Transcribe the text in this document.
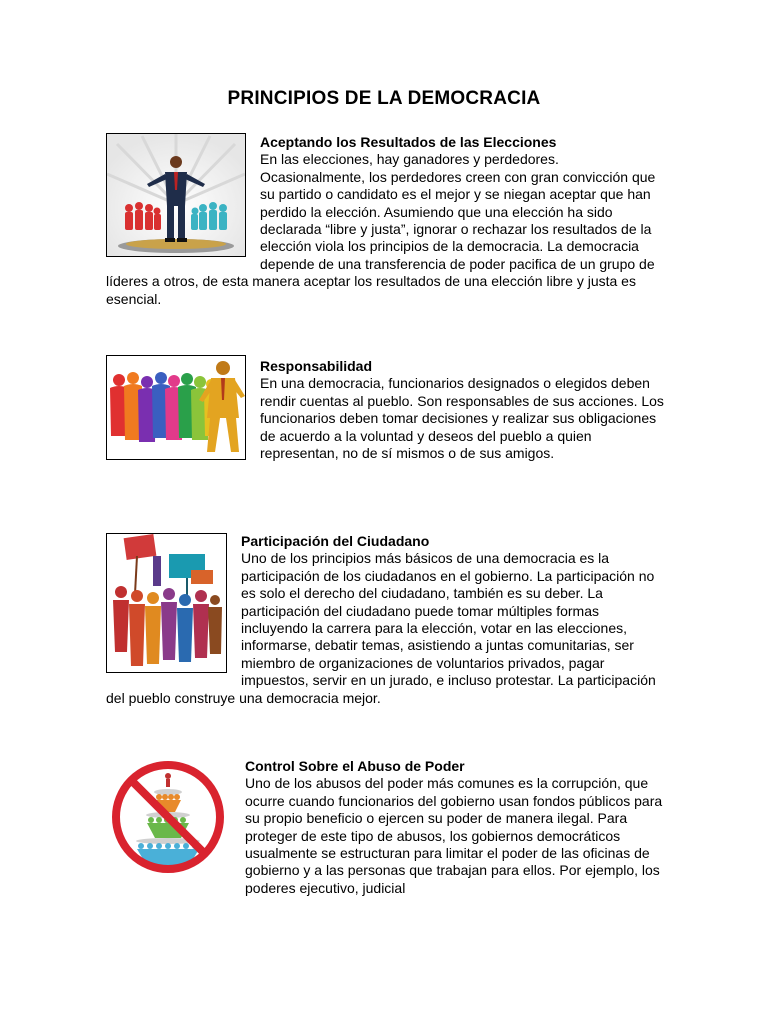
PRINCIPIOS DE LA DEMOCRACIA
Aceptando los Resultados de las Elecciones

En las elecciones, hay ganadores y perdedores. Ocasionalmente, los perdedores creen con gran convicción que su partido o candidato es el mejor y se niegan aceptar que han perdido la elección. Asumiendo que una elección ha sido declarada “libre y justa”, ignorar o rechazar los resultados de la elección viola los principios de la democracia. La democracia depende de una transferencia de poder pacifica de un grupo de líderes a otros, de esta manera aceptar los resultados de una elección libre y justa es esencial.

Responsabilidad

En una democracia, funcionarios designados o elegidos deben rendir cuentas al pueblo. Son responsables de sus acciones. Los funcionarios deben tomar decisiones y realizar sus obligaciones de acuerdo a la voluntad y deseos del pueblo a quien representan, no de sí mismos o de sus amigos.

Participación del Ciudadano

Uno de los principios más básicos de una democracia es la participación de los ciudadanos en el gobierno. La participación no es solo el derecho del ciudadano, también es su deber. La participación del ciudadano puede tomar múltiples formas incluyendo la carrera para la elección, votar en las elecciones, informarse, debatir temas, asistiendo a juntas comunitarias, ser miembro de organizaciones de voluntarios privados, pagar impuestos, servir en un jurado, e incluso protestar. La participación del pueblo construye una democracia mejor.

Control Sobre el Abuso de Poder

Uno de los abusos del poder más comunes es la corrupción, que ocurre cuando funcionarios del gobierno usan fondos públicos para su propio beneficio o ejercen su poder de manera ilegal. Para proteger de este tipo de abusos, los gobiernos democráticos usualmente se estructuran para limitar el poder de las oficinas de gobierno y a las personas que trabajan para ellos. Por ejemplo, los poderes ejecutivo, judicial
